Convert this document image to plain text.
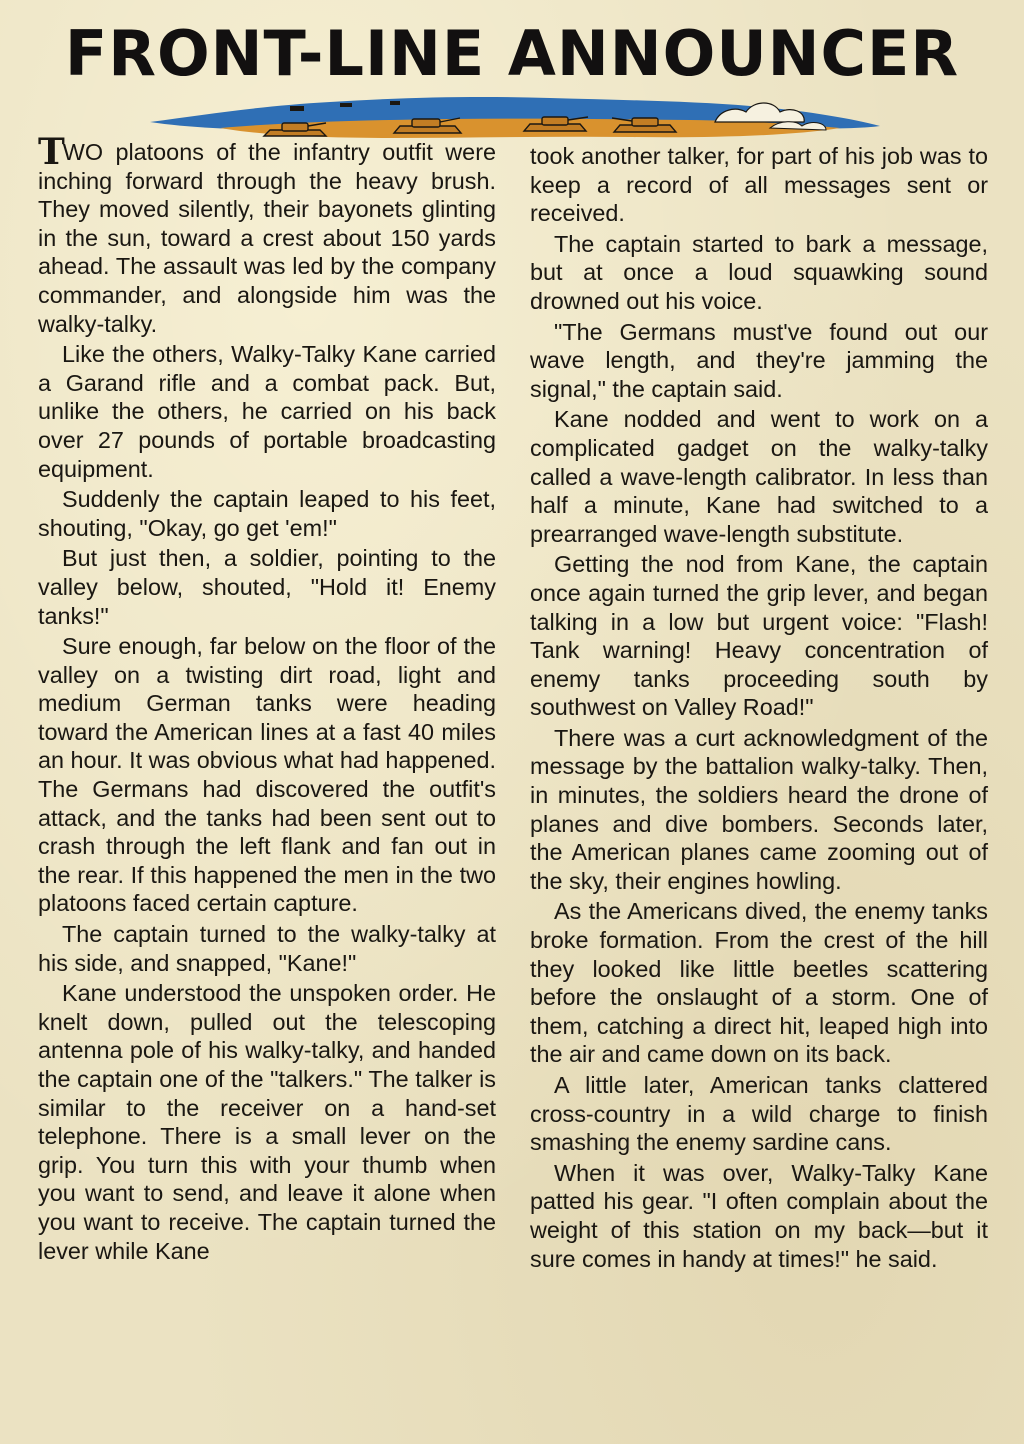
FRONT-LINE ANNOUNCER

TWO platoons of the infantry outfit were inching forward through the heavy brush. They moved silently, their bayonets glinting in the sun, toward a crest about 150 yards ahead. The assault was led by the company commander, and alongside him was the walky-talky.

Like the others, Walky-Talky Kane carried a Garand rifle and a combat pack. But, unlike the others, he carried on his back over 27 pounds of portable broadcasting equipment.

Suddenly the captain leaped to his feet, shouting, "Okay, go get 'em!"

But just then, a soldier, pointing to the valley below, shouted, "Hold it! Enemy tanks!"

Sure enough, far below on the floor of the valley on a twisting dirt road, light and medium German tanks were heading toward the American lines at a fast 40 miles an hour. It was obvious what had happened. The Germans had discovered the outfit's attack, and the tanks had been sent out to crash through the left flank and fan out in the rear. If this happened the men in the two platoons faced certain capture.

The captain turned to the walky-talky at his side, and snapped, "Kane!"

Kane understood the unspoken order. He knelt down, pulled out the telescoping antenna pole of his walky-talky, and handed the captain one of the "talkers." The talker is similar to the receiver on a hand-set telephone. There is a small lever on the grip. You turn this with your thumb when you want to send, and leave it alone when you want to receive. The captain turned the lever while Kane

took another talker, for part of his job was to keep a record of all messages sent or received.

The captain started to bark a message, but at once a loud squawking sound drowned out his voice.

"The Germans must've found out our wave length, and they're jamming the signal," the captain said.

Kane nodded and went to work on a complicated gadget on the walky-talky called a wave-length calibrator. In less than half a minute, Kane had switched to a prearranged wave-length substitute.

Getting the nod from Kane, the captain once again turned the grip lever, and began talking in a low but urgent voice: "Flash! Tank warning! Heavy concentration of enemy tanks proceeding south by southwest on Valley Road!"

There was a curt acknowledgment of the message by the battalion walky-talky. Then, in minutes, the soldiers heard the drone of planes and dive bombers. Seconds later, the American planes came zooming out of the sky, their engines howling.

As the Americans dived, the enemy tanks broke formation. From the crest of the hill they looked like little beetles scattering before the onslaught of a storm. One of them, catching a direct hit, leaped high into the air and came down on its back.

A little later, American tanks clattered cross-country in a wild charge to finish smashing the enemy sardine cans.

When it was over, Walky-Talky Kane patted his gear. "I often complain about the weight of this station on my back—but it sure comes in handy at times!" he said.
